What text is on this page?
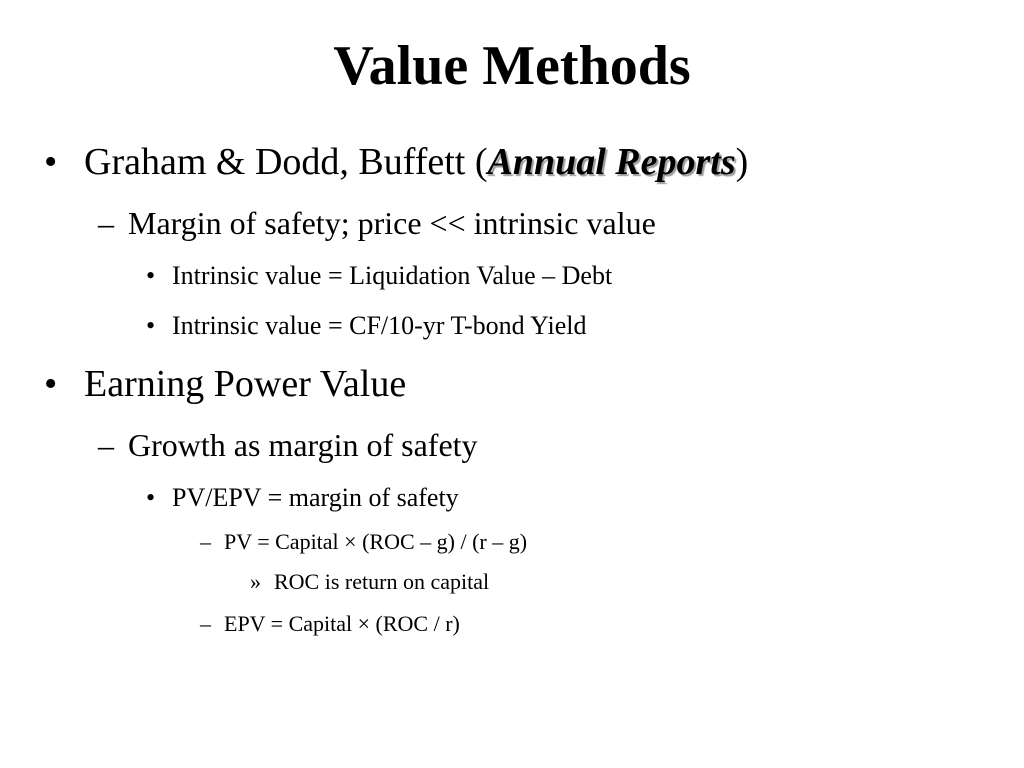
Value Methods
• Graham & Dodd, Buffett (Annual Reports)
– Margin of safety; price << intrinsic value
• Intrinsic value = Liquidation Value – Debt
• Intrinsic value = CF/10-yr T-bond Yield
• Earning Power Value
– Growth as margin of safety
• PV/EPV = margin of safety
– PV = Capital × (ROC – g) / (r – g)
» ROC is return on capital
– EPV = Capital × (ROC / r)
